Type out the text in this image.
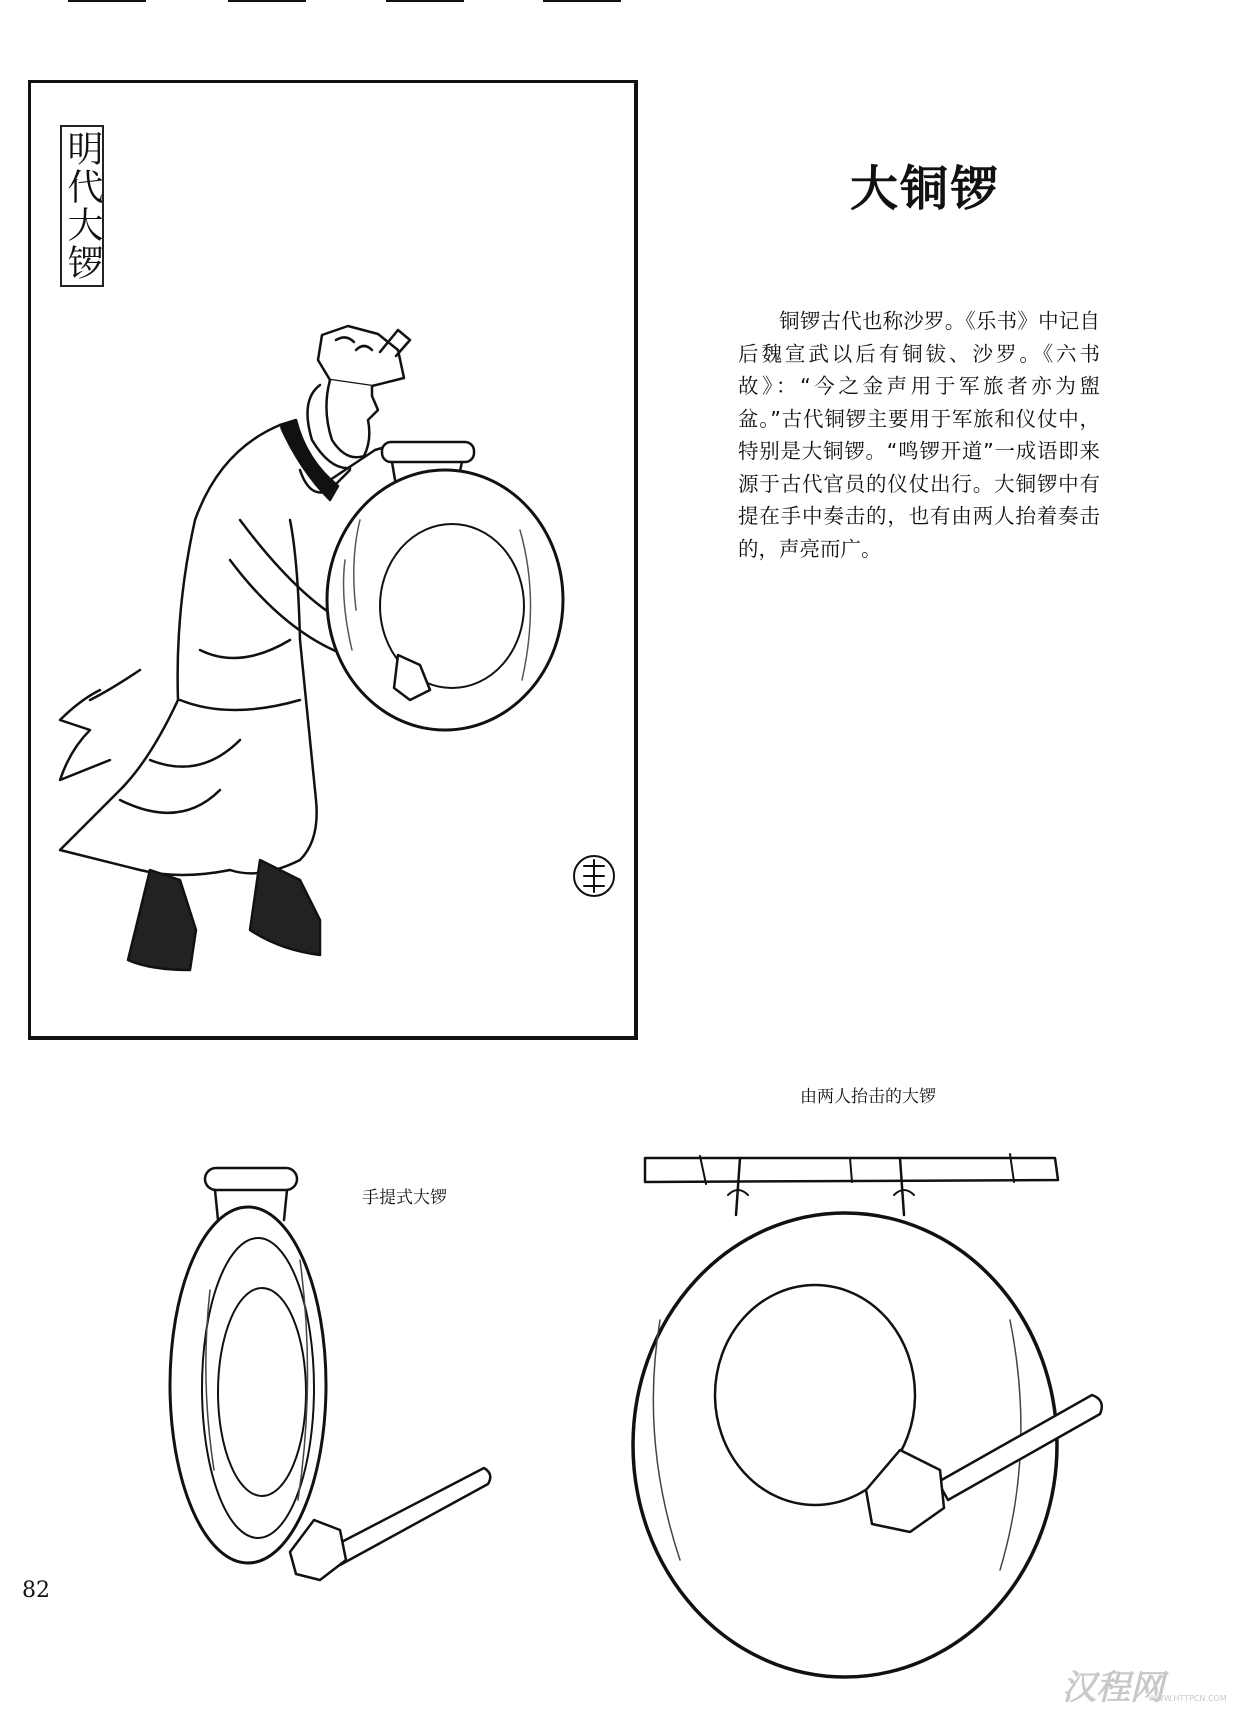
明代大锣	大铜锣
铜锣古代也称沙罗。《乐书》中记自后魏宣武以后有铜钹、沙罗。《六书故》：“今之金声用于军旅者亦为盥盆。”古代铜锣主要用于军旅和仪仗中，特别是大铜锣。“鸣锣开道”一成语即来源于古代官员的仪仗出行。大铜锣中有提在手中奏击的，也有由两人抬着奏击的，声亮而广。
由两人抬击的大锣
手提式大锣
82
汉程网
WWW.HTTPCN.COM
